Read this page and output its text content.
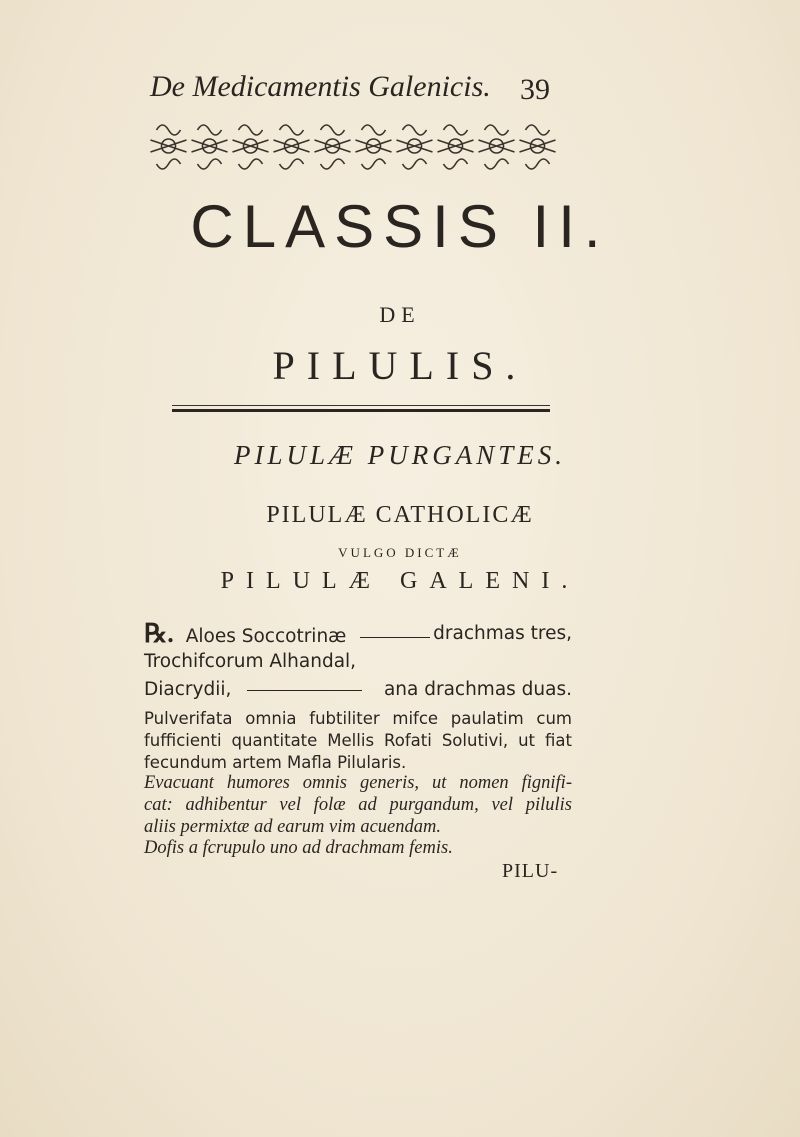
De Medicamentis Galenicis. 39
CLASSIS II.
DE
PILULIS.
PILULÆ PURGANTES.
PILULÆ CATHOLICÆ
VULGO DICTÆ
PILULÆ GALENI.
℞. Aloes Soccotrinæ	drachmas tres,
Trochifcorum Alhandal,
Diacrydii,	ana drachmas duas.
Pulverifata omnia fubtiliter mifce paulatim cum
fufficienti quantitate Mellis Rofati Solutivi, ut fiat
fecundum artem Mafla Pilularis.
Evacuant humores omnis generis, ut nomen fignifi-
cat: adhibentur vel folæ ad purgandum, vel pilulis
aliis permixtæ ad earum vim acuendam.
Dofis a fcrupulo uno ad drachmam femis.
PILU-
